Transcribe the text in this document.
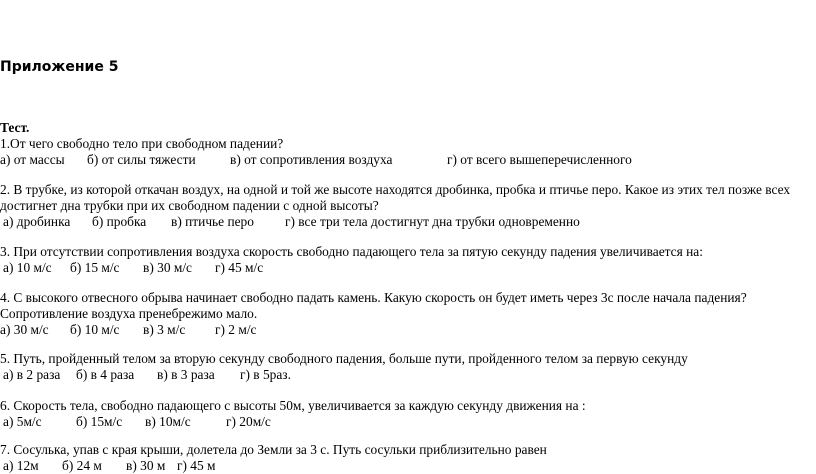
Приложение 5
Тест.
1.От чего свободно тело при свободном падении?
а) от массы б) от силы тяжести	в) от сопротивления воздуха	г) от всего вышеперечисленного
2. В трубке, из которой откачан воздух, на одной и той же высоте находятся дробинка, пробка и птичье перо. Какое из этих тел позже всех
достигнет дна трубки при их свободном падении с одной высоты?
а) дробинка б) пробка в) птичье перо г) все три тела достигнут дна трубки одновременно
3. При отсутствии сопротивления воздуха скорость свободно падающего тела за пятую секунду падения увеличивается на:
а) 10 м/с б) 15 м/с в) 30 м/с г) 45 м/с
4. С высокого отвесного обрыва начинает свободно падать камень. Какую скорость он будет иметь через 3с после начала падения?
Сопротивление воздуха пренебрежимо мало.
а) 30 м/с б) 10 м/с в) 3 м/с г) 2 м/с
5. Путь, пройденный телом за вторую секунду свободного падения, больше пути, пройденного телом за первую секунду
а) в 2 раза б) в 4 раза в) в 3 раза г) в 5раз.
6. Скорость тела, свободно падающего с высоты 50м, увеличивается за каждую секунду движения на :
а) 5м/с	б) 15м/с в) 10м/с	г) 20м/с
7. Сосулька, упав с края крыши, долетела до Земли за 3 с. Путь сосульки приблизительно равен
а) 12м б) 24 м в) 30 м г) 45 м
